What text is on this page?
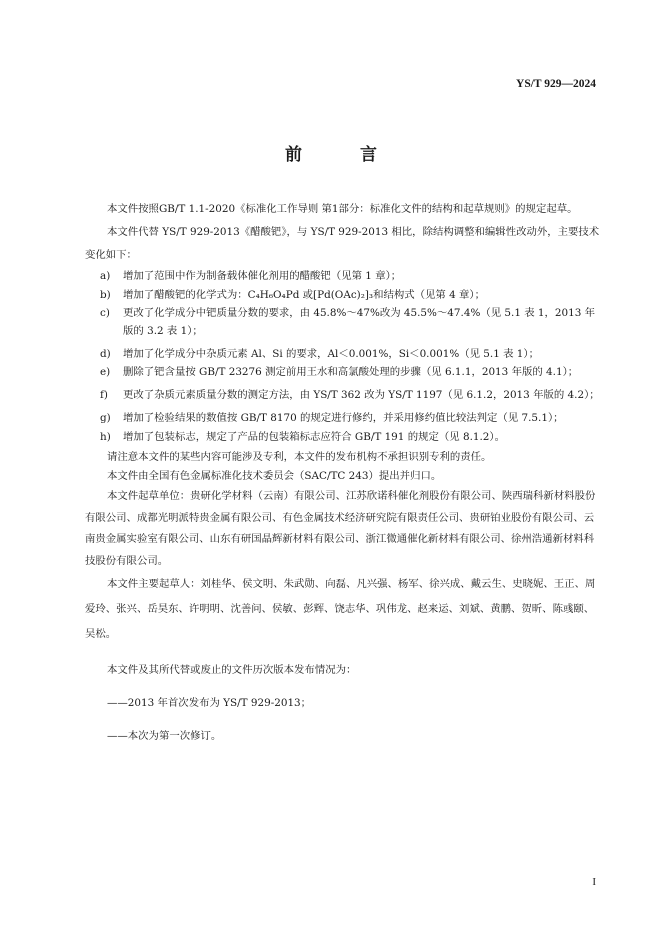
YS/T 929—2024
前 言

本文件按照GB/T 1.1-2020《标准化工作导则 第1部分：标准化文件的结构和起草规则》的规定起草。

本文件代替 YS/T 929-2013《醋酸钯》，与 YS/T 929-2013 相比，除结构调整和编辑性改动外，主要技术变化如下：

a)	增加了范围中作为制备载体催化剂用的醋酸钯（见第 1 章）；
b)	增加了醋酸钯的化学式为：C₄H₆O₄Pd 或[Pd(OAc)₂]₃和结构式（见第 4 章）；
c)	更改了化学成分中钯质量分数的要求，由 45.8%～47%改为 45.5%～47.4%（见 5.1 表 1，2013 年版的 3.2 表 1）；
d)	增加了化学成分中杂质元素 Al、Si 的要求，Al＜0.001%，Si＜0.001%（见 5.1 表 1）；
e)	删除了钯含量按 GB/T 23276 测定前用王水和高氯酸处理的步骤（见 6.1.1，2013 年版的 4.1）；
f)	更改了杂质元素质量分数的测定方法，由 YS/T 362 改为 YS/T 1197（见 6.1.2，2013 年版的 4.2）；
g)	增加了检验结果的数值按 GB/T 8170 的规定进行修约，并采用修约值比较法判定（见 7.5.1）；
h)	增加了包装标志，规定了产品的包装箱标志应符合 GB/T 191 的规定（见 8.1.2）。

请注意本文件的某些内容可能涉及专利，本文件的发布机构不承担识别专利的责任。

本文件由全国有色金属标准化技术委员会（SAC/TC 243）提出并归口。

本文件起草单位：贵研化学材料（云南）有限公司、江苏欣诺科催化剂股份有限公司、陕西瑞科新材料股份有限公司、成都光明派特贵金属有限公司、有色金属技术经济研究院有限责任公司、贵研铂业股份有限公司、云南贵金属实验室有限公司、山东有研国晶辉新材料有限公司、浙江微通催化新材料有限公司、徐州浩通新材料科技股份有限公司。

本文件主要起草人：刘桂华、侯文明、朱武勋、向磊、凡兴强、杨军、徐兴成、戴云生、史晓妮、王正、周爱玲、张兴、岳昊东、许明明、沈善问、侯敏、彭辉、饶志华、巩伟龙、赵来运、刘斌、黄鹏、贺昕、陈彧颐、吴松。

本文件及其所代替或废止的文件历次版本发布情况为：

——2013 年首次发布为 YS/T 929-2013；

——本次为第一次修订。

I
